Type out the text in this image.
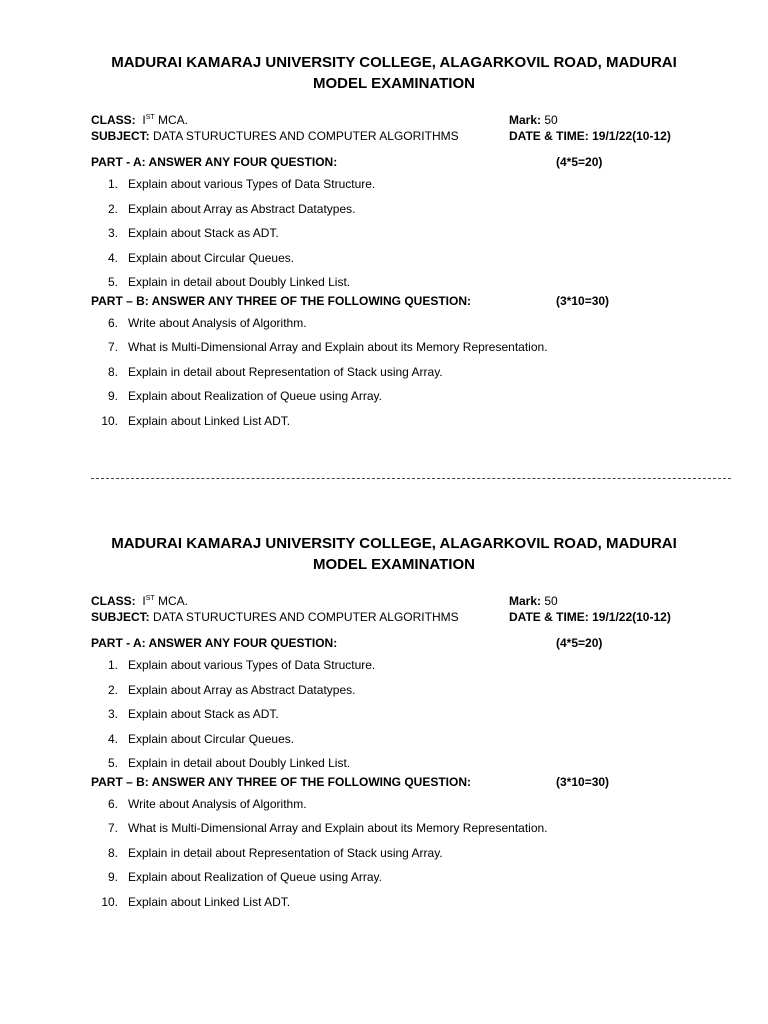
MADURAI KAMARAJ UNIVERSITY COLLEGE, ALAGARKOVIL ROAD, MADURAI
MODEL EXAMINATION
CLASS: IST MCA.
SUBJECT: DATA STURUCTURES AND COMPUTER ALGORITHMS
Mark: 50
DATE & TIME: 19/1/22(10-12)
PART - A: ANSWER ANY FOUR QUESTION:	(4*5=20)
1. Explain about various Types of Data Structure.
2. Explain about Array as Abstract Datatypes.
3. Explain about Stack as ADT.
4. Explain about Circular Queues.
5. Explain in detail about Doubly Linked List.
PART – B: ANSWER ANY THREE OF THE FOLLOWING QUESTION:	(3*10=30)
6. Write about Analysis of Algorithm.
7. What is Multi-Dimensional Array and Explain about its Memory Representation.
8. Explain in detail about Representation of Stack using Array.
9. Explain about Realization of Queue using Array.
10. Explain about Linked List ADT.
MADURAI KAMARAJ UNIVERSITY COLLEGE, ALAGARKOVIL ROAD, MADURAI
MODEL EXAMINATION
CLASS: IST MCA.
SUBJECT: DATA STURUCTURES AND COMPUTER ALGORITHMS
Mark: 50
DATE & TIME: 19/1/22(10-12)
PART - A: ANSWER ANY FOUR QUESTION:	(4*5=20)
1. Explain about various Types of Data Structure.
2. Explain about Array as Abstract Datatypes.
3. Explain about Stack as ADT.
4. Explain about Circular Queues.
5. Explain in detail about Doubly Linked List.
PART – B: ANSWER ANY THREE OF THE FOLLOWING QUESTION:	(3*10=30)
6. Write about Analysis of Algorithm.
7. What is Multi-Dimensional Array and Explain about its Memory Representation.
8. Explain in detail about Representation of Stack using Array.
9. Explain about Realization of Queue using Array.
10. Explain about Linked List ADT.
